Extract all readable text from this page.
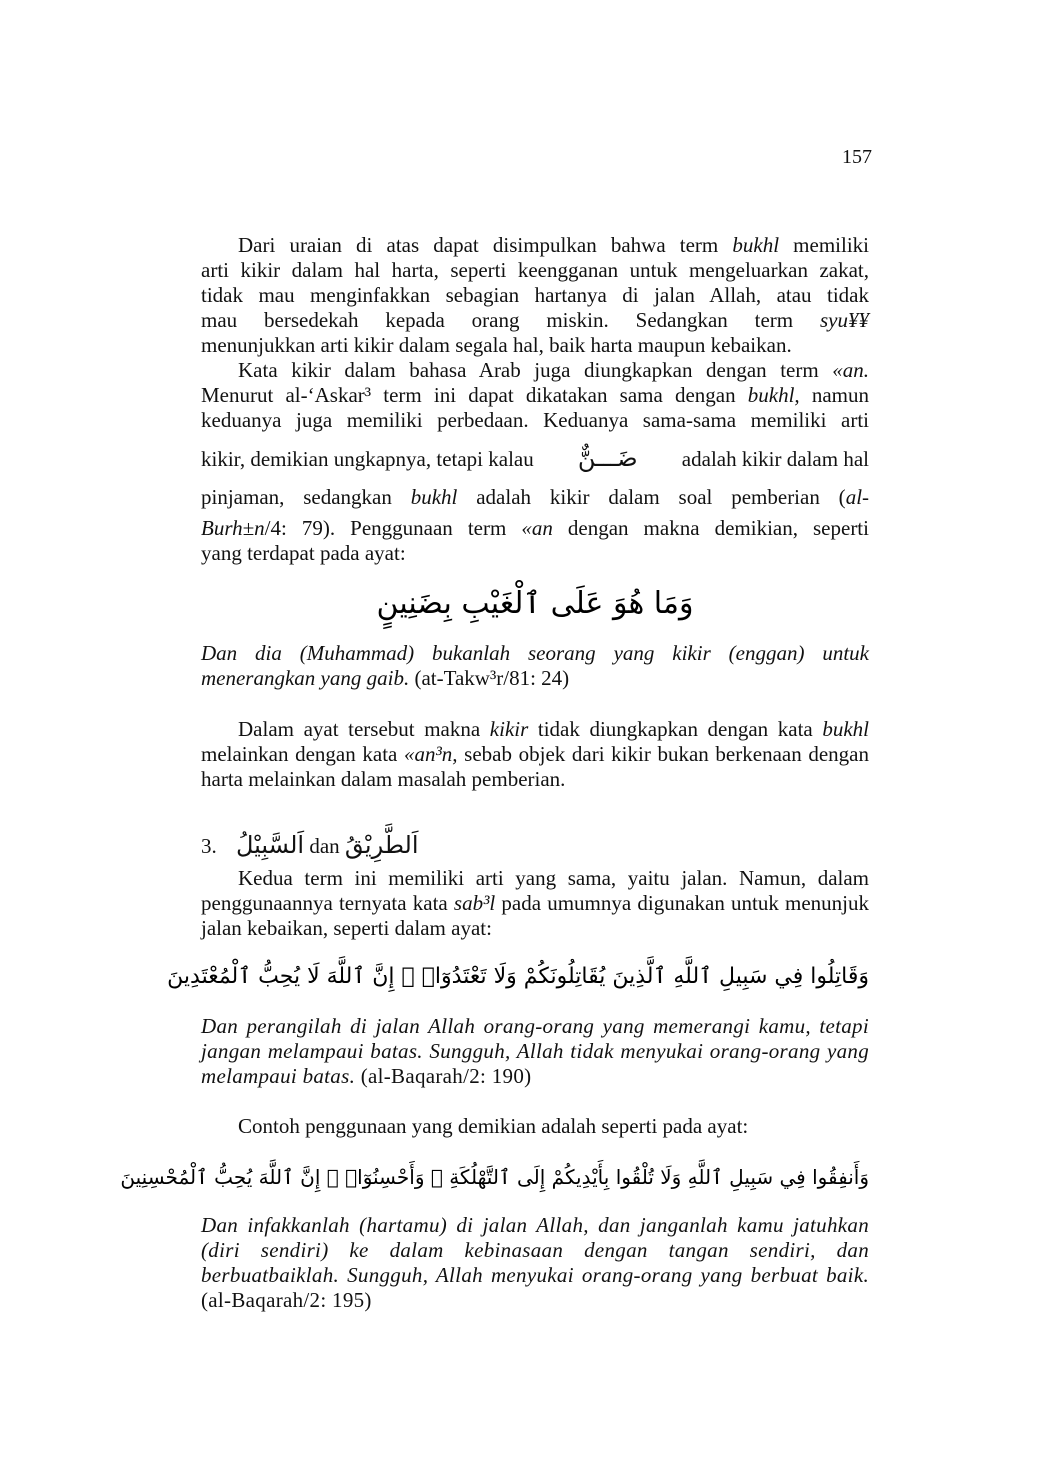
157
Dari uraian di atas dapat disimpulkan bahwa term bukhl memiliki
arti kikir dalam hal harta, seperti keengganan untuk mengeluarkan zakat,
tidak mau menginfakkan sebagian hartanya di jalan Allah, atau tidak
mau bersedekah kepada orang miskin. Sedangkan term syu¥¥
menunjukkan arti kikir dalam segala hal, baik harta maupun kebaikan.
Kata kikir dalam bahasa Arab juga diungkapkan dengan term «an.
Menurut al-‘Askar³ term ini dapat dikatakan sama dengan bukhl, namun
keduanya juga memiliki perbedaan. Keduanya sama-sama memiliki arti
kikir, demikian ungkapnya, tetapi kalau ضَـــنٌّ adalah kikir dalam hal
pinjaman, sedangkan bukhl adalah kikir dalam soal pemberian (al-
Burh±n/4: 79). Penggunaan term «an dengan makna demikian, seperti
yang terdapat pada ayat:
وَمَا هُوَ عَلَى ٱلْغَيْبِ بِضَنِينٍ
Dan dia (Muhammad) bukanlah seorang yang kikir (enggan) untuk menerangkan yang gaib. (at-Takw³r/81: 24)
Dalam ayat tersebut makna kikir tidak diungkapkan dengan kata bukhl melainkan dengan kata «an³n, sebab objek dari kikir bukan berkenaan dengan harta melainkan dalam masalah pemberian.
3. اَلسَّبِيْلُ dan اَلطَّرِيْقُ
Kedua term ini memiliki arti yang sama, yaitu jalan. Namun, dalam penggunaannya ternyata kata sab³l pada umumnya digunakan untuk menunjuk jalan kebaikan, seperti dalam ayat:
وَقَاتِلُوا فِي سَبِيلِ ٱللَّهِ ٱلَّذِينَ يُقَاتِلُونَكُمْ وَلَا تَعْتَدُوٓا۟ ۚ إِنَّ ٱللَّهَ لَا يُحِبُّ ٱلْمُعْتَدِينَ
Dan perangilah di jalan Allah orang-orang yang memerangi kamu, tetapi jangan melampaui batas. Sungguh, Allah tidak menyukai orang-orang yang melampaui batas. (al-Baqarah/2: 190)
Contoh penggunaan yang demikian adalah seperti pada ayat:
وَأَنفِقُوا فِي سَبِيلِ ٱللَّهِ وَلَا تُلْقُوا بِأَيْدِيكُمْ إِلَى ٱلتَّهْلُكَةِ ۛ وَأَحْسِنُوٓا۟ ۛ إِنَّ ٱللَّهَ يُحِبُّ ٱلْمُحْسِنِينَ
Dan infakkanlah (hartamu) di jalan Allah, dan janganlah kamu jatuhkan (diri sendiri) ke dalam kebinasaan dengan tangan sendiri, dan berbuatbaiklah. Sungguh, Allah menyukai orang-orang yang berbuat baik. (al-Baqarah/2: 195)
